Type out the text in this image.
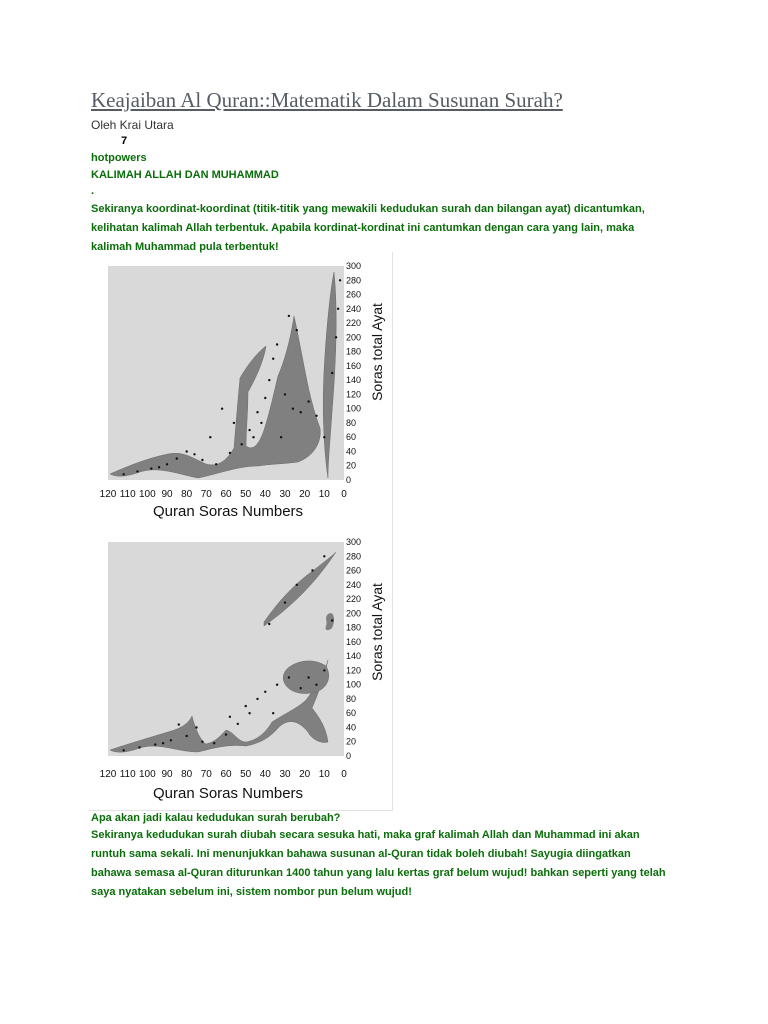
Keajaiban Al Quran::Matematik Dalam Susunan Surah?
Oleh Krai Utara
7
hotpowers
KALIMAH ALLAH DAN MUHAMMAD
.
Sekiranya koordinat-koordinat (titik-titik yang mewakili kedudukan surah dan bilangan ayat) dicantumkan, kelihatan kalimah Allah terbentuk. Apabila kordinat-kordinat ini cantumkan dengan cara yang lain, maka kalimah Muhammad pula terbentuk!
0
20
40
60
80
100
120
140
160
180
200
220
240
260
280
300
120 110 100 90 80 70 60 50 40 30 20 10 0
Soras total Ayat
Quran Soras Numbers
0
20
40
60
80
100
120
140
160
180
200
220
240
260
280
300
120 110 100 90 80 70 60 50 40 30 20 10 0
Soras total Ayat
Quran Soras Numbers
Apa akan jadi kalau kedudukan surah berubah?
Sekiranya kedudukan surah diubah secara sesuka hati, maka graf kalimah Allah dan Muhammad ini akan runtuh sama sekali. Ini menunjukkan bahawa susunan al-Quran tidak boleh diubah! Sayugia diingatkan bahawa semasa al-Quran diturunkan 1400 tahun yang lalu kertas graf belum wujud! bahkan seperti yang telah saya nyatakan sebelum ini, sistem nombor pun belum wujud!
